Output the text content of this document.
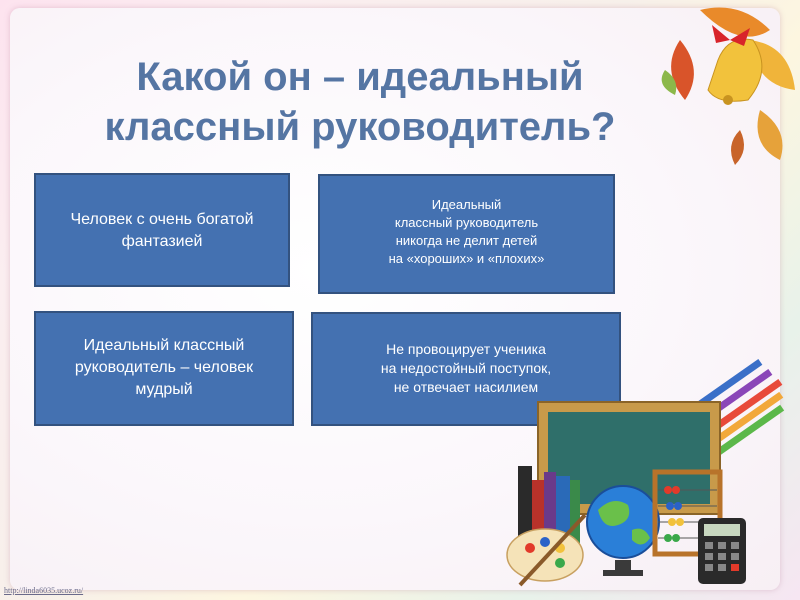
Какой он – идеальный
классный руководитель?
Человек с очень богатой
фантазией
Идеальный
классный руководитель
никогда не делит детей
на «хороших» и «плохих»
Идеальный классный
руководитель – человек
мудрый
Не провоцирует ученика
на недостойный поступок,
не отвечает насилием
http://linda6035.ucoz.ru/
